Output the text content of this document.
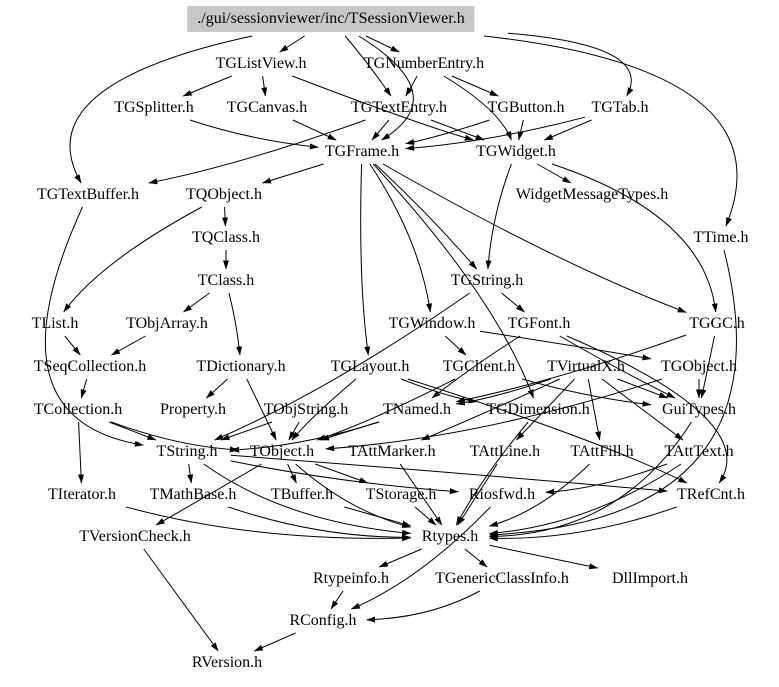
./gui/sessionviewer/inc/TSessionViewer.h
TGListView.h	TGNumberEntry.h
TGSplitter.h TGCanvas.h	TGTextEntry.h	TGButton.h TGTab.h
TGFrame.h	TGWidget.h
TGTextBuffer.h	TQObject.h	WidgetMessageTypes.h
TQClass.h	TTime.h
TClass.h	TGString.h
TList.h	TObjArray.h	TGWindow.h TGFont.h	TGGC.h
TSeqCollection.h	TDictionary.h	TGLayout.h TGClient.h TVirtualX.h TGObject.h
TCollection.h Property.h TObjString.h TNamed.h TGDimension.h	GuiTypes.h
TString.h TObject.h TAttMarker.h TAttLine.h TAttFill.h TAttText.h
TIterator.h TMathBase.h TBuffer.h TStorage.h Riosfwd.h	TRefCnt.h
TVersionCheck.h	Rtypes.h
Rtypeinfo.h	TGenericClassInfo.h	DllImport.h
RConfig.h
RVersion.h
